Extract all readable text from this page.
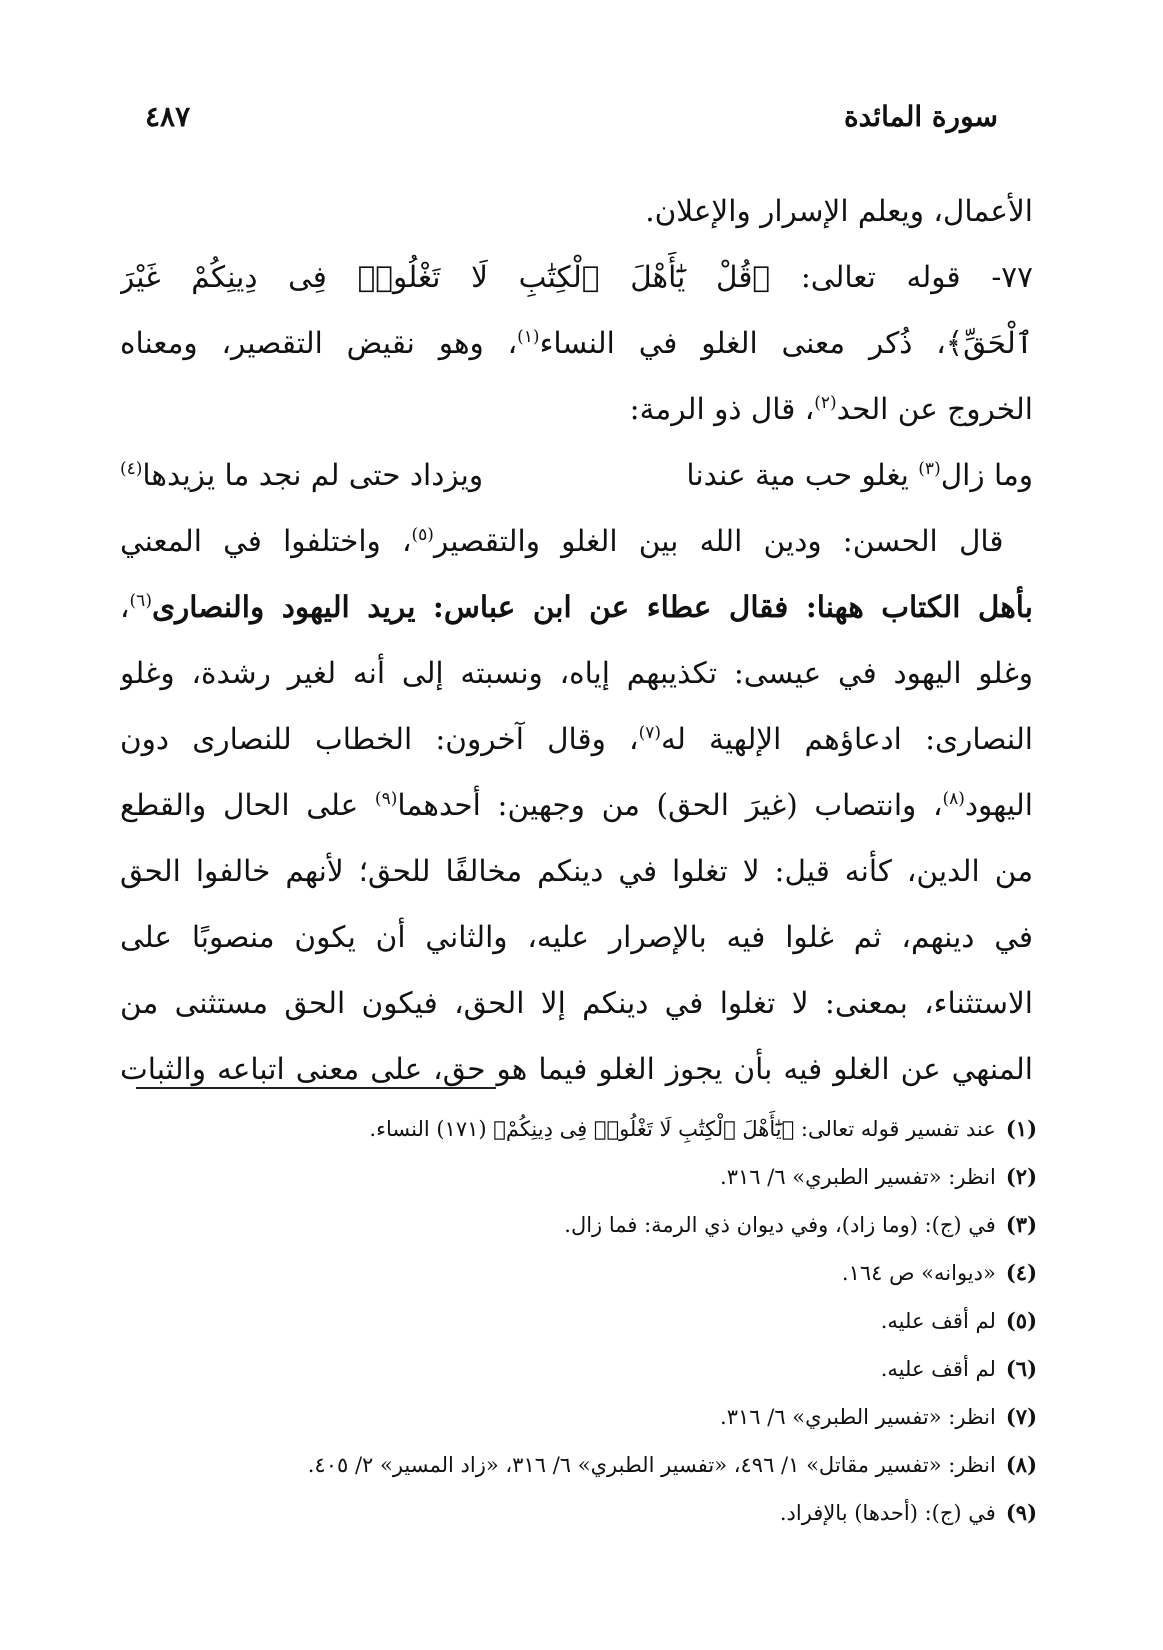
سورة المائدة
٤٨٧
الأعمال، ويعلم الإسرار والإعلان.
٧٧- قوله تعالى: ﴿قُلْ يَٰٓأَهْلَ ٱلْكِتَٰبِ لَا تَغْلُوا۟ فِى دِينِكُمْ غَيْرَ
ٱلْحَقِّ﴾، ذُكر معنى الغلو في النساء$^{(١)}$، وهو نقيض التقصير، ومعناه
الخروج عن الحد$^{(٢)}$، قال ذو الرمة:
وما زال$^{(٣)}$ يغلو حب مية عندنا
ويزداد حتى لم نجد ما يزيدها$^{(٤)}$
 قال الحسن: ودين الله بين الغلو والتقصير$^{(٥)}$، واختلفوا في المعني
بأهل الكتاب ههنا: فقال عطاء عن ابن عباس: يريد اليهود والنصارى$^{(٦)}$،
وغلو اليهود في عيسى: تكذيبهم إياه، ونسبته إلى أنه لغير رشدة، وغلو
النصارى: ادعاؤهم الإلهية له$^{(٧)}$، وقال آخرون: الخطاب للنصارى دون
اليهود$^{(٨)}$، وانتصاب (غيرَ الحق) من وجهين: أحدهما$^{(٩)}$ على الحال والقطع
من الدين، كأنه قيل: لا تغلوا في دينكم مخالفًا للحق؛ لأنهم خالفوا الحق
في دينهم، ثم غلوا فيه بالإصرار عليه، والثاني أن يكون منصوبًا على
الاستثناء، بمعنى: لا تغلوا في دينكم إلا الحق، فيكون الحق مستثنى من
المنهي عن الغلو فيه بأن يجوز الغلو فيما هو حق، على معنى اتباعه والثبات
(١)عند تفسير قوله تعالى: ﴿يَٰٓأَهْلَ ٱلْكِتَٰبِ لَا تَغْلُوا۟ فِى دِينِكُمْ﴾ (١٧١) النساء.
(٢)انظر: «تفسير الطبري» ٦/ ٣١٦.
(٣)في (ج): (وما زاد)، وفي ديوان ذي الرمة: فما زال.
(٤)«ديوانه» ص ١٦٤.
(٥)لم أقف عليه.
(٦)لم أقف عليه.
(٧)انظر: «تفسير الطبري» ٦/ ٣١٦.
(٨)انظر: «تفسير مقاتل» ١/ ٤٩٦، «تفسير الطبري» ٦/ ٣١٦، «زاد المسير» ٢/ ٤٠٥.
(٩)في (ج): (أحدها) بالإفراد.
